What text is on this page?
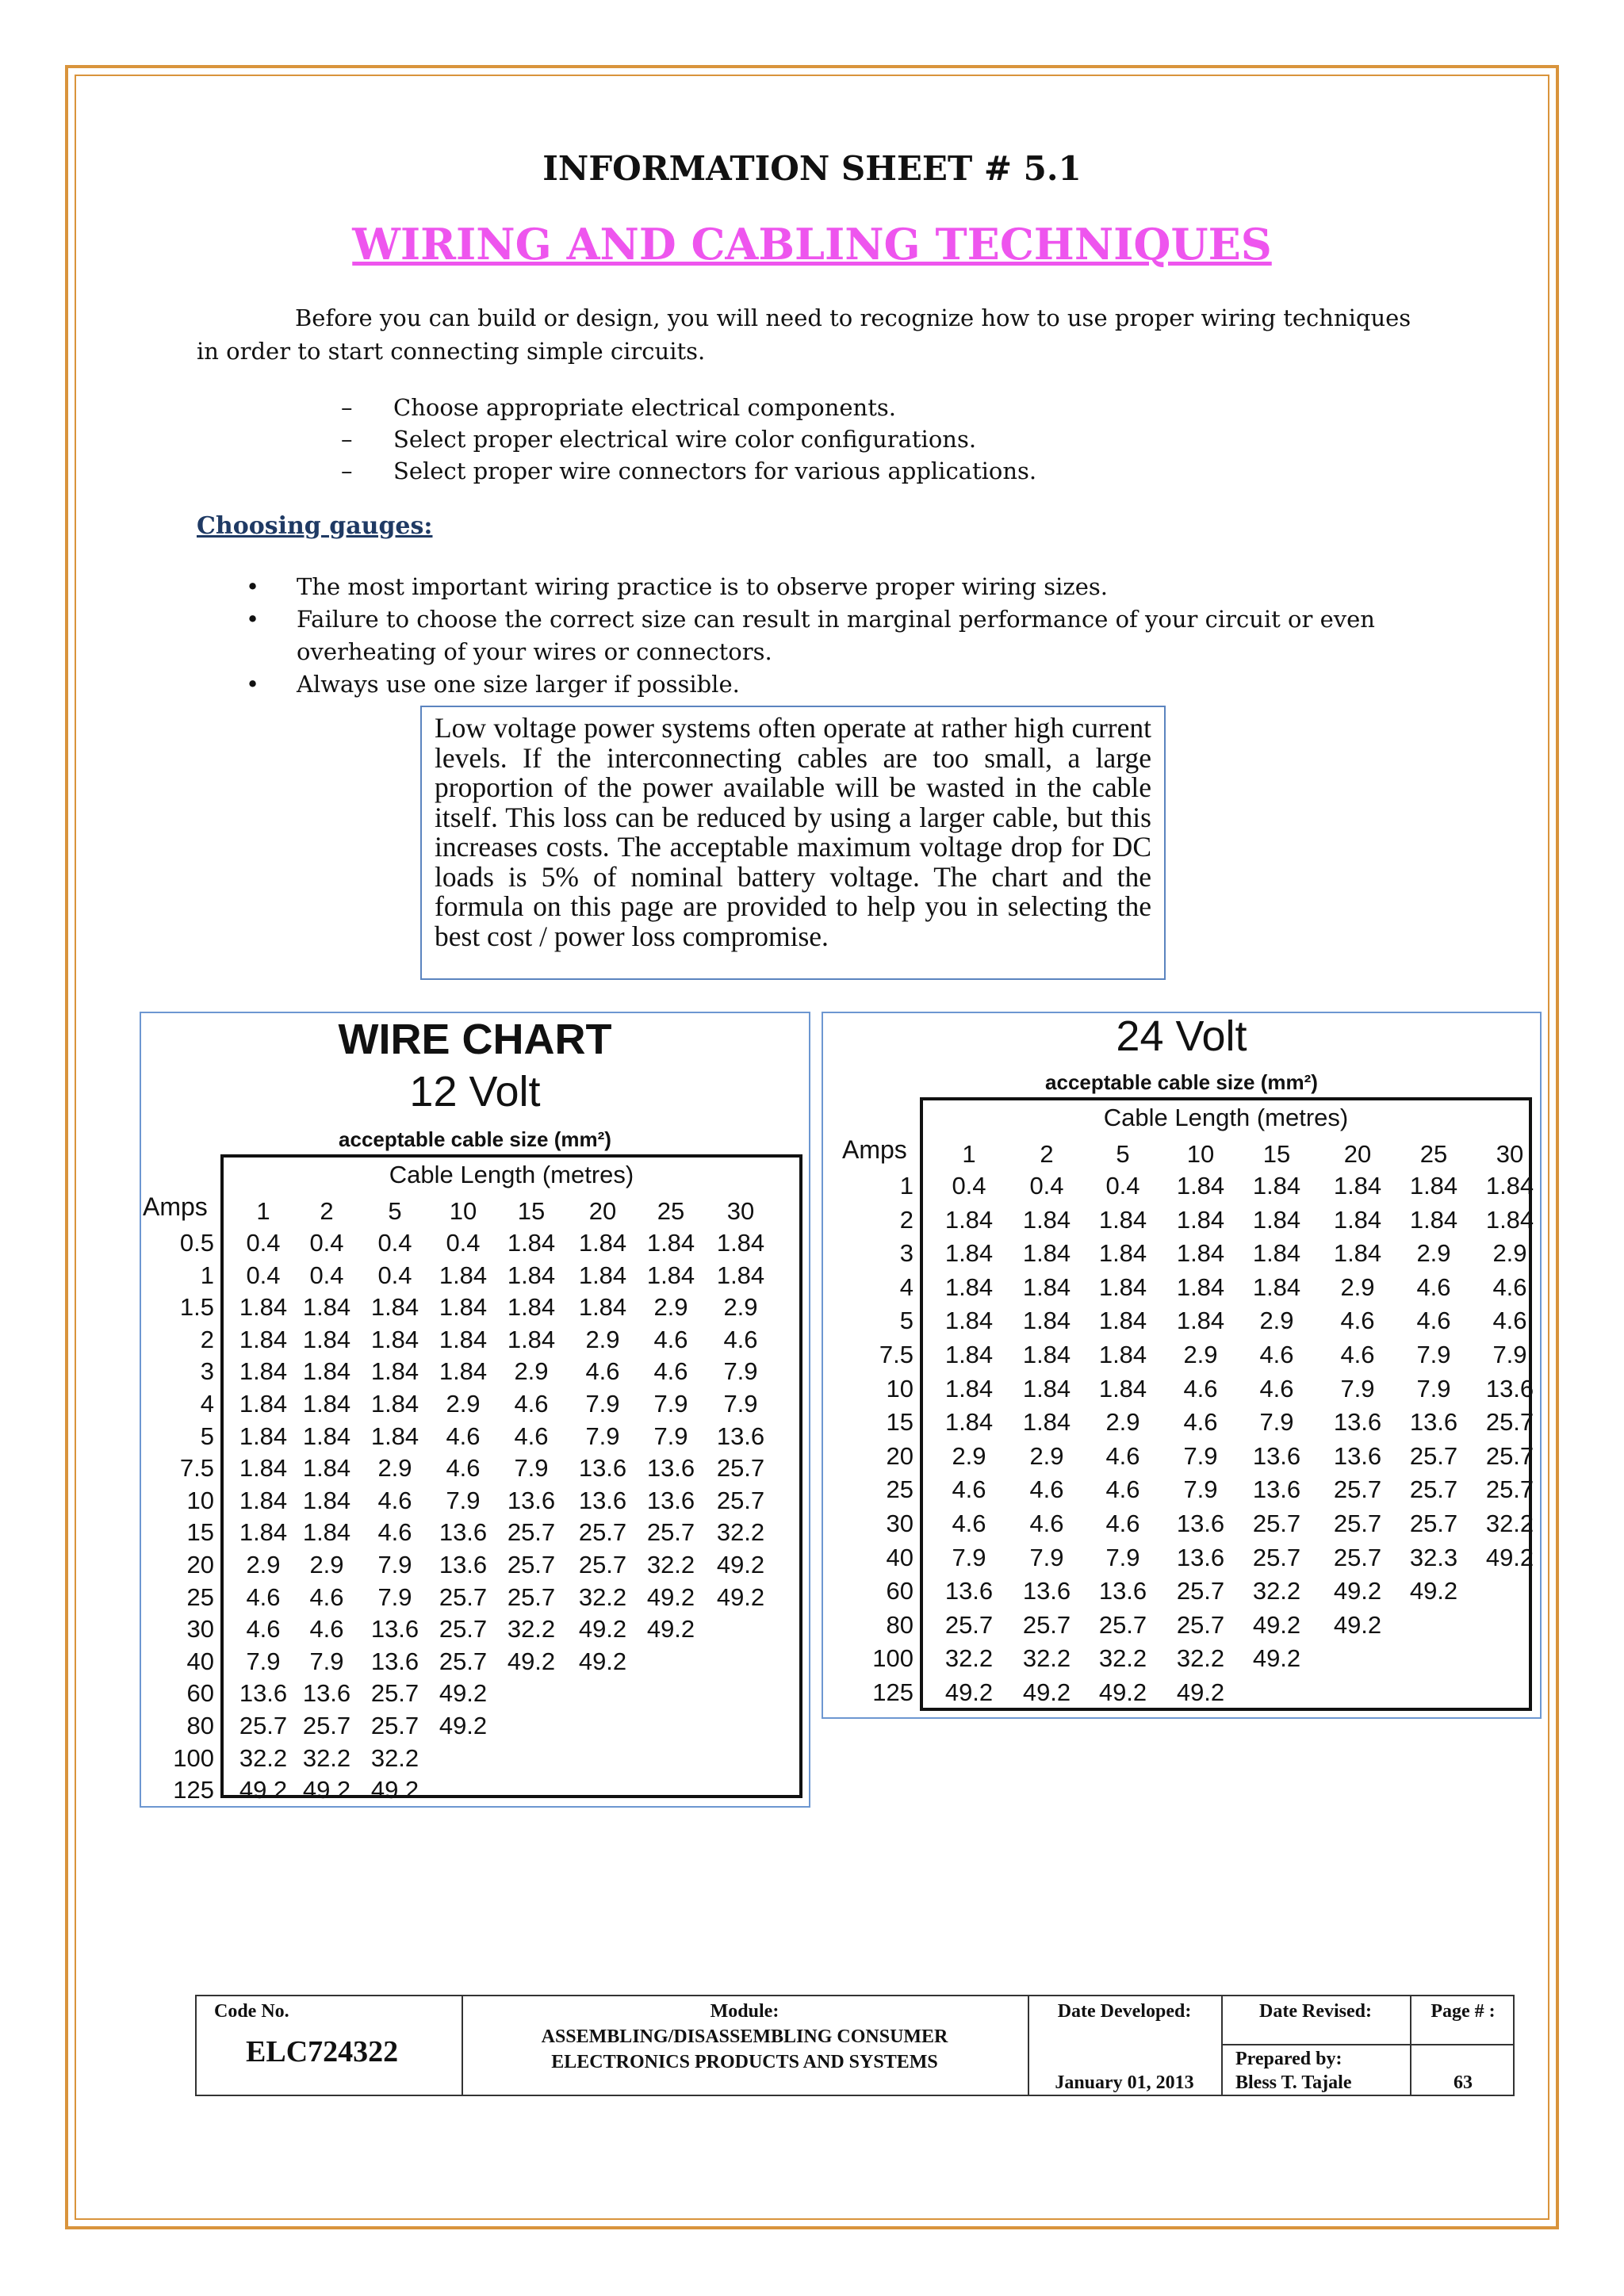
INFORMATION SHEET # 5.1
WIRING AND CABLING TECHNIQUES
Before you can build or design, you will need to recognize how to use proper wiring techniques in order to start connecting simple circuits.
– Choose appropriate electrical components.
– Select proper electrical wire color configurations.
– Select proper wire connectors for various applications.
Choosing gauges:
• The most important wiring practice is to observe proper wiring sizes.
• Failure to choose the correct size can result in marginal performance of your circuit or even overheating of your wires or connectors.
• Always use one size larger if possible.
Low voltage power systems often operate at rather high current levels. If the interconnecting cables are too small, a large proportion of the power available will be wasted in the cable itself. This loss can be reduced by using a larger cable, but this increases costs. The acceptable maximum voltage drop for DC loads is 5% of nominal battery voltage. The chart and the formula on this page are provided to help you in selecting the best cost / power loss compromise.
WIRE CHART
12 Volt
acceptable cable size (mm²)
Cable Length (metres)
Amps 1 2 5 10 15 20 25 30
0.5 0.4 0.4 0.4 0.4 1.84 1.84 1.84 1.84
1 0.4 0.4 0.4 1.84 1.84 1.84 1.84 1.84
1.5 1.84 1.84 1.84 1.84 1.84 1.84 2.9 2.9
2 1.84 1.84 1.84 1.84 1.84 2.9 4.6 4.6
3 1.84 1.84 1.84 1.84 2.9 4.6 4.6 7.9
4 1.84 1.84 1.84 2.9 4.6 7.9 7.9 7.9
5 1.84 1.84 1.84 4.6 4.6 7.9 7.9 13.6
7.5 1.84 1.84 2.9 4.6 7.9 13.6 13.6 25.7
10 1.84 1.84 4.6 7.9 13.6 13.6 13.6 25.7
15 1.84 1.84 4.6 13.6 25.7 25.7 25.7 32.2
20 2.9 2.9 7.9 13.6 25.7 25.7 32.2 49.2
25 4.6 4.6 7.9 25.7 25.7 32.2 49.2 49.2
30 4.6 4.6 13.6 25.7 32.2 49.2 49.2
40 7.9 7.9 13.6 25.7 49.2 49.2
60 13.6 13.6 25.7 49.2
80 25.7 25.7 25.7 49.2
100 32.2 32.2 32.2
125 49.2 49.2 49.2
24 Volt
acceptable cable size (mm²)
Cable Length (metres)
Amps 1	2	5 10 15 20 25 30
1 0.4 0.4 0.4 1.84 1.84 1.84 1.84 1.84
2 1.84 1.84 1.84 1.84 1.84 1.84 1.84 1.84
3 1.84 1.84 1.84 1.84 1.84 1.84 2.9 2.9
4 1.84 1.84 1.84 1.84 1.84 2.9 4.6 4.6
5 1.84 1.84 1.84 1.84 2.9 4.6 4.6 4.6
7.5 1.84 1.84 1.84 2.9 4.6 4.6 7.9 7.9
10 1.84 1.84 1.84 4.6 4.6 7.9 7.9 13.6
15 1.84 1.84 2.9 4.6 7.9 13.6 13.6 25.7
20 2.9 2.9 4.6 7.9 13.6 13.6 25.7 25.7
25 4.6 4.6 4.6 7.9 13.6 25.7 25.7 25.7
30 4.6 4.6 4.6 13.6 25.7 25.7 25.7 32.2
40 7.9 7.9 7.9 13.6 25.7 25.7 32.3 49.2
60 13.6 13.6 13.6 25.7 32.2 49.2 49.2
80 25.7 25.7 25.7 25.7 49.2 49.2
100 32.2 32.2 32.2 32.2 49.2
125 49.2 49.2 49.2 49.2
Code No.
ELC724322
Module:
ASSEMBLING/DISASSEMBLING CONSUMER
ELECTRONICS PRODUCTS AND SYSTEMS
Date Developed:
January 01, 2013
Date Revised:
Prepared by:
Bless T. Tajale
Page # :
63
